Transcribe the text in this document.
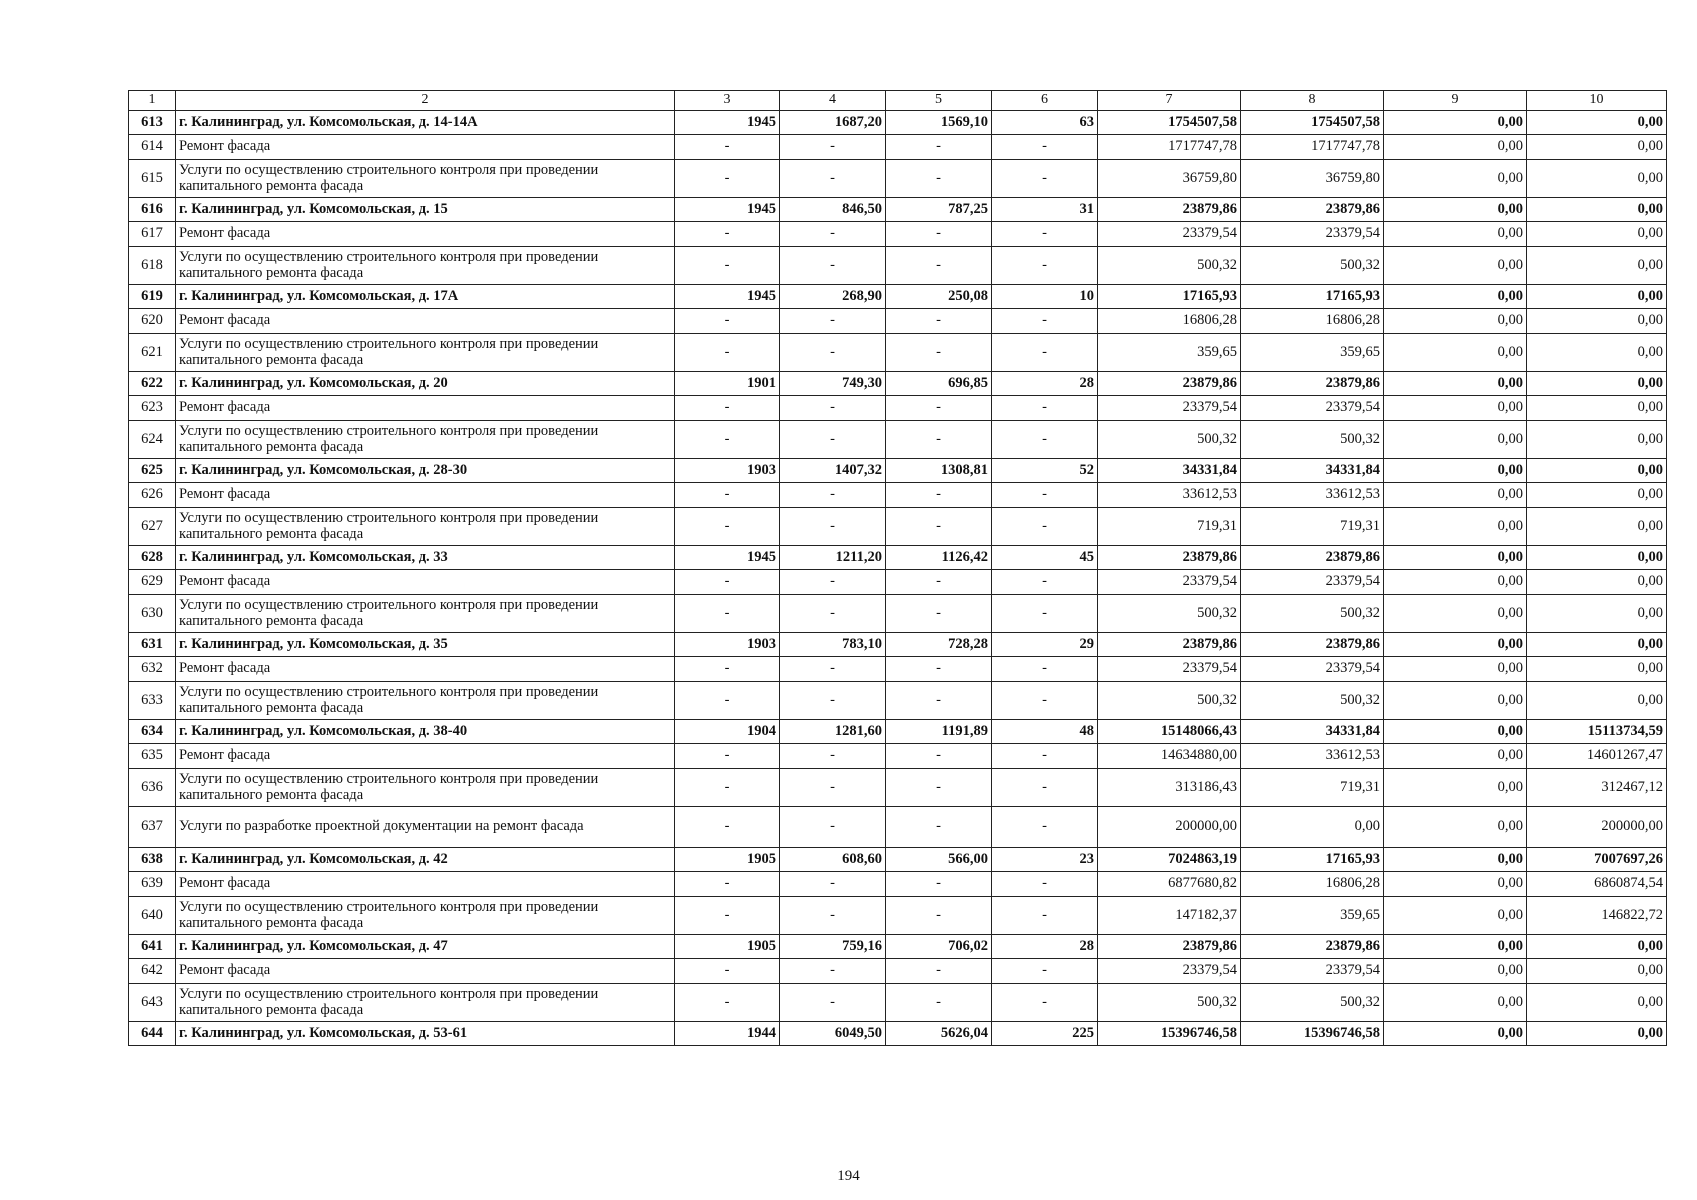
1	2	3	4	5	6	7	8	9	10
613	г. Калининград, ул. Комсомольская, д. 14-14А	1945	1687,20	1569,10	63	1754507,58	1754507,58	0,00	0,00
614	Ремонт фасада	-	-	-	-	1717747,78	1717747,78	0,00	0,00
615	Услуги по осуществлению строительного контроля при проведении капитального ремонта фасада	-	-	-	-	36759,80	36759,80	0,00	0,00
616	г. Калининград, ул. Комсомольская, д. 15	1945	846,50	787,25	31	23879,86	23879,86	0,00	0,00
617	Ремонт фасада	-	-	-	-	23379,54	23379,54	0,00	0,00
618	Услуги по осуществлению строительного контроля при проведении капитального ремонта фасада	-	-	-	-	500,32	500,32	0,00	0,00
619	г. Калининград, ул. Комсомольская, д. 17А	1945	268,90	250,08	10	17165,93	17165,93	0,00	0,00
620	Ремонт фасада	-	-	-	-	16806,28	16806,28	0,00	0,00
621	Услуги по осуществлению строительного контроля при проведении капитального ремонта фасада	-	-	-	-	359,65	359,65	0,00	0,00
622	г. Калининград, ул. Комсомольская, д. 20	1901	749,30	696,85	28	23879,86	23879,86	0,00	0,00
623	Ремонт фасада	-	-	-	-	23379,54	23379,54	0,00	0,00
624	Услуги по осуществлению строительного контроля при проведении капитального ремонта фасада	-	-	-	-	500,32	500,32	0,00	0,00
625	г. Калининград, ул. Комсомольская, д. 28-30	1903	1407,32	1308,81	52	34331,84	34331,84	0,00	0,00
626	Ремонт фасада	-	-	-	-	33612,53	33612,53	0,00	0,00
627	Услуги по осуществлению строительного контроля при проведении капитального ремонта фасада	-	-	-	-	719,31	719,31	0,00	0,00
628	г. Калининград, ул. Комсомольская, д. 33	1945	1211,20	1126,42	45	23879,86	23879,86	0,00	0,00
629	Ремонт фасада	-	-	-	-	23379,54	23379,54	0,00	0,00
630	Услуги по осуществлению строительного контроля при проведении капитального ремонта фасада	-	-	-	-	500,32	500,32	0,00	0,00
631	г. Калининград, ул. Комсомольская, д. 35	1903	783,10	728,28	29	23879,86	23879,86	0,00	0,00
632	Ремонт фасада	-	-	-	-	23379,54	23379,54	0,00	0,00
633	Услуги по осуществлению строительного контроля при проведении капитального ремонта фасада	-	-	-	-	500,32	500,32	0,00	0,00
634	г. Калининград, ул. Комсомольская, д. 38-40	1904	1281,60	1191,89	48	15148066,43	34331,84	0,00	15113734,59
635	Ремонт фасада	-	-	-	-	14634880,00	33612,53	0,00	14601267,47
636	Услуги по осуществлению строительного контроля при проведении капитального ремонта фасада	-	-	-	-	313186,43	719,31	0,00	312467,12
637	Услуги по разработке проектной документации на ремонт фасада	-	-	-	-	200000,00	0,00	0,00	200000,00
638	г. Калининград, ул. Комсомольская, д. 42	1905	608,60	566,00	23	7024863,19	17165,93	0,00	7007697,26
639	Ремонт фасада	-	-	-	-	6877680,82	16806,28	0,00	6860874,54
640	Услуги по осуществлению строительного контроля при проведении капитального ремонта фасада	-	-	-	-	147182,37	359,65	0,00	146822,72
641	г. Калининград, ул. Комсомольская, д. 47	1905	759,16	706,02	28	23879,86	23879,86	0,00	0,00
642	Ремонт фасада	-	-	-	-	23379,54	23379,54	0,00	0,00
643	Услуги по осуществлению строительного контроля при проведении капитального ремонта фасада	-	-	-	-	500,32	500,32	0,00	0,00
644	г. Калининград, ул. Комсомольская, д. 53-61	1944	6049,50	5626,04	225	15396746,58	15396746,58	0,00	0,00
194
